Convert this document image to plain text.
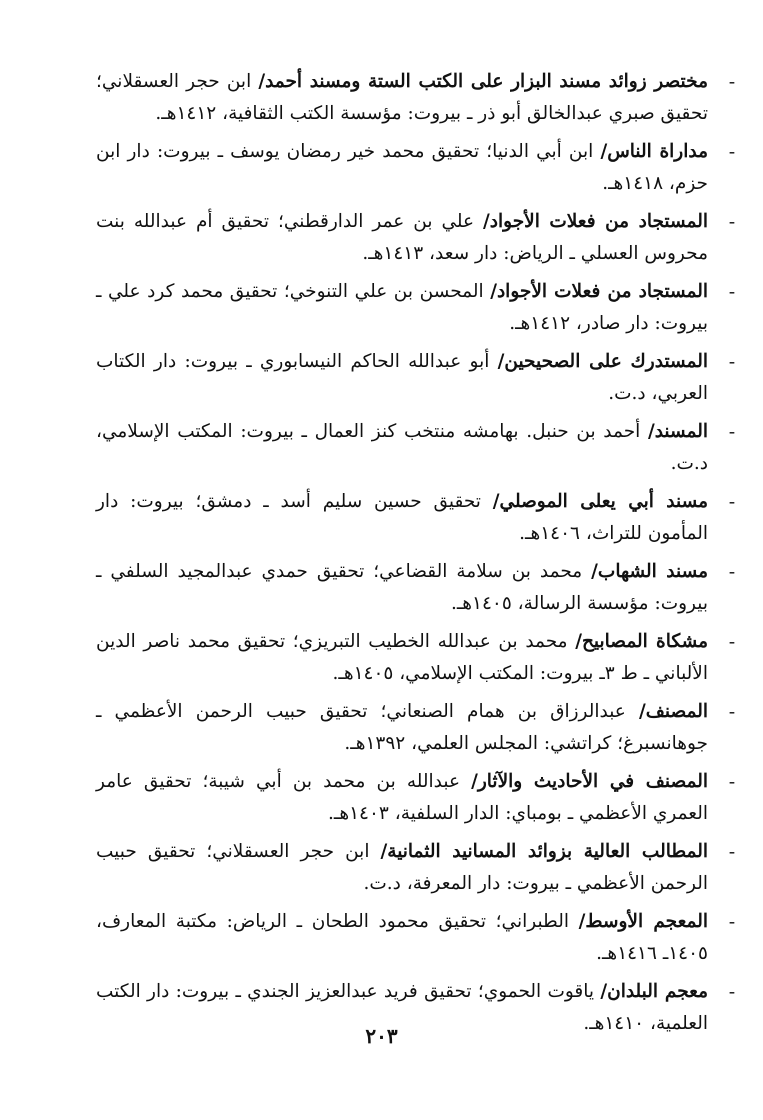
-

مختصر زوائد مسند البزار على الكتب الستة ومسند أحمد/ ابن حجر العسقلاني؛ تحقيق صبري عبدالخالق أبو ذر ـ بيروت: مؤسسة الكتب الثقافية، ١٤١٢هـ.

-

مداراة الناس/ ابن أبي الدنيا؛ تحقيق محمد خير رمضان يوسف ـ بيروت: دار ابن حزم، ١٤١٨هـ.

-

المستجاد من فعلات الأجواد/ علي بن عمر الدارقطني؛ تحقيق أم عبدالله بنت محروس العسلي ـ الرياض: دار سعد، ١٤١٣هـ.

-

المستجاد من فعلات الأجواد/ المحسن بن علي التنوخي؛ تحقيق محمد كرد علي ـ بيروت: دار صادر، ١٤١٢هـ.

-

المستدرك على الصحيحين/ أبو عبدالله الحاكم النيسابوري ـ بيروت: دار الكتاب العربي، د.ت.

-

المسند/ أحمد بن حنبل. بهامشه منتخب كنز العمال ـ بيروت: المكتب الإسلامي، د.ت.

-

مسند أبي يعلى الموصلي/ تحقيق حسين سليم أسد ـ دمشق؛ بيروت: دار المأمون للتراث، ١٤٠٦هـ.

-

مسند الشهاب/ محمد بن سلامة القضاعي؛ تحقيق حمدي عبدالمجيد السلفي ـ بيروت: مؤسسة الرسالة، ١٤٠٥هـ.

-

مشكاة المصابيح/ محمد بن عبدالله الخطيب التبريزي؛ تحقيق محمد ناصر الدين الألباني ـ ط ٣ـ بيروت: المكتب الإسلامي، ١٤٠٥هـ.

-

المصنف/ عبدالرزاق بن همام الصنعاني؛ تحقيق حبيب الرحمن الأعظمي ـ جوهانسبرغ؛ كراتشي: المجلس العلمي، ١٣٩٢هـ.

-

المصنف في الأحاديث والآثار/ عبدالله بن محمد بن أبي شيبة؛ تحقيق عامر العمري الأعظمي ـ بومباي: الدار السلفية، ١٤٠٣هـ.

-

المطالب العالية بزوائد المسانيد الثمانية/ ابن حجر العسقلاني؛ تحقيق حبيب الرحمن الأعظمي ـ بيروت: دار المعرفة، د.ت.

-

المعجم الأوسط/ الطبراني؛ تحقيق محمود الطحان ـ الرياض: مكتبة المعارف، ١٤٠٥ـ ١٤١٦هـ.

-

معجم البلدان/ ياقوت الحموي؛ تحقيق فريد عبدالعزيز الجندي ـ بيروت: دار الكتب العلمية، ١٤١٠هـ.

٢٠٣
